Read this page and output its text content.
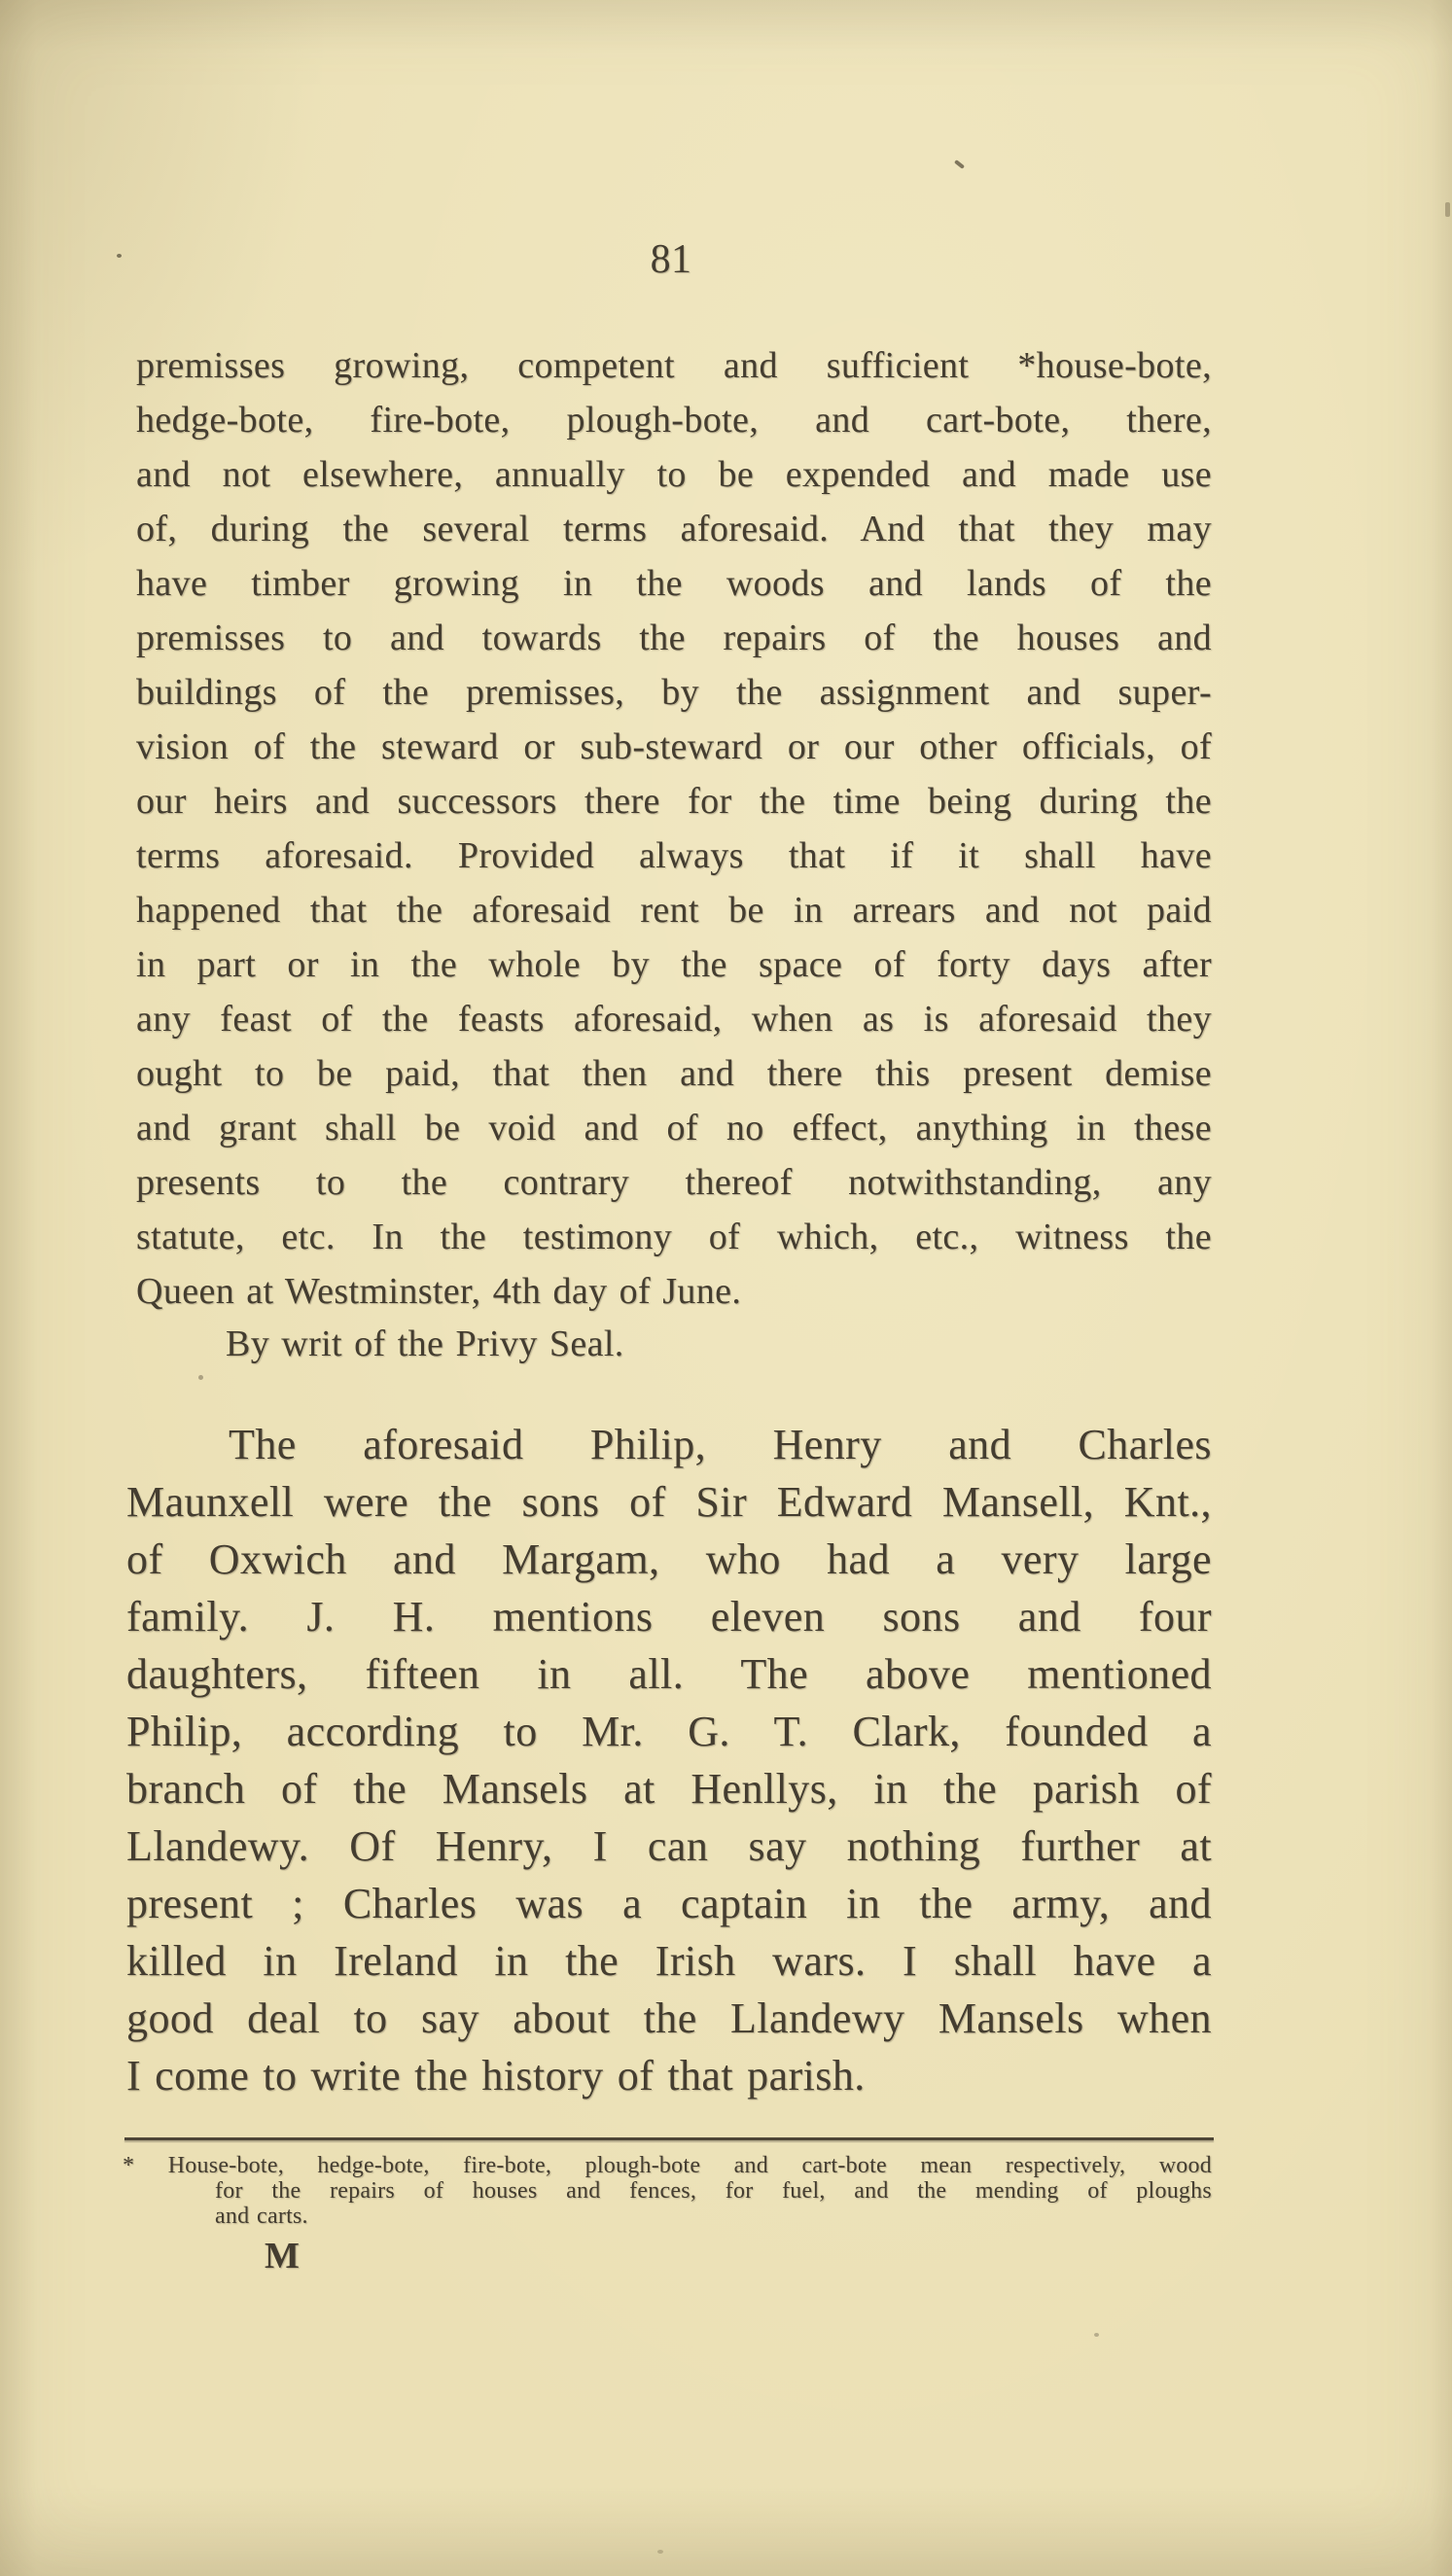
81
premisses growing, competent and sufficient *house-bote,
hedge-bote, fire-bote, plough-bote, and cart-bote, there,
and not elsewhere, annually to be expended and made use
of, during the several terms aforesaid. And that they may
have timber growing in the woods and lands of the
premisses to and towards the repairs of the houses and
buildings of the premisses, by the assignment and super-
vision of the steward or sub-steward or our other officials, of
our heirs and successors there for the time being during the
terms aforesaid. Provided always that if it shall have
happened that the aforesaid rent be in arrears and not paid
in part or in the whole by the space of forty days after
any feast of the feasts aforesaid, when as is aforesaid they
ought to be paid, that then and there this present demise
and grant shall be void and of no effect, anything in these
presents to the contrary thereof notwithstanding, any
statute, etc. In the testimony of which, etc., witness the
Queen at Westminster, 4th day of June.
By writ of the Privy Seal.
The aforesaid Philip, Henry and Charles
Maunxell were the sons of Sir Edward Mansell, Knt.,
of Oxwich and Margam, who had a very large
family. J. H. mentions eleven sons and four
daughters, fifteen in all. The above mentioned
Philip, according to Mr. G. T. Clark, founded a
branch of the Mansels at Henllys, in the parish of
Llandewy. Of Henry, I can say nothing further at
present ; Charles was a captain in the army, and
killed in Ireland in the Irish wars. I shall have a
good deal to say about the Llandewy Mansels when
I come to write the history of that parish.
* House-bote, hedge-bote, fire-bote, plough-bote and cart-bote mean respectively, wood
for the repairs of houses and fences, for fuel, and the mending of ploughs
and carts.
M
